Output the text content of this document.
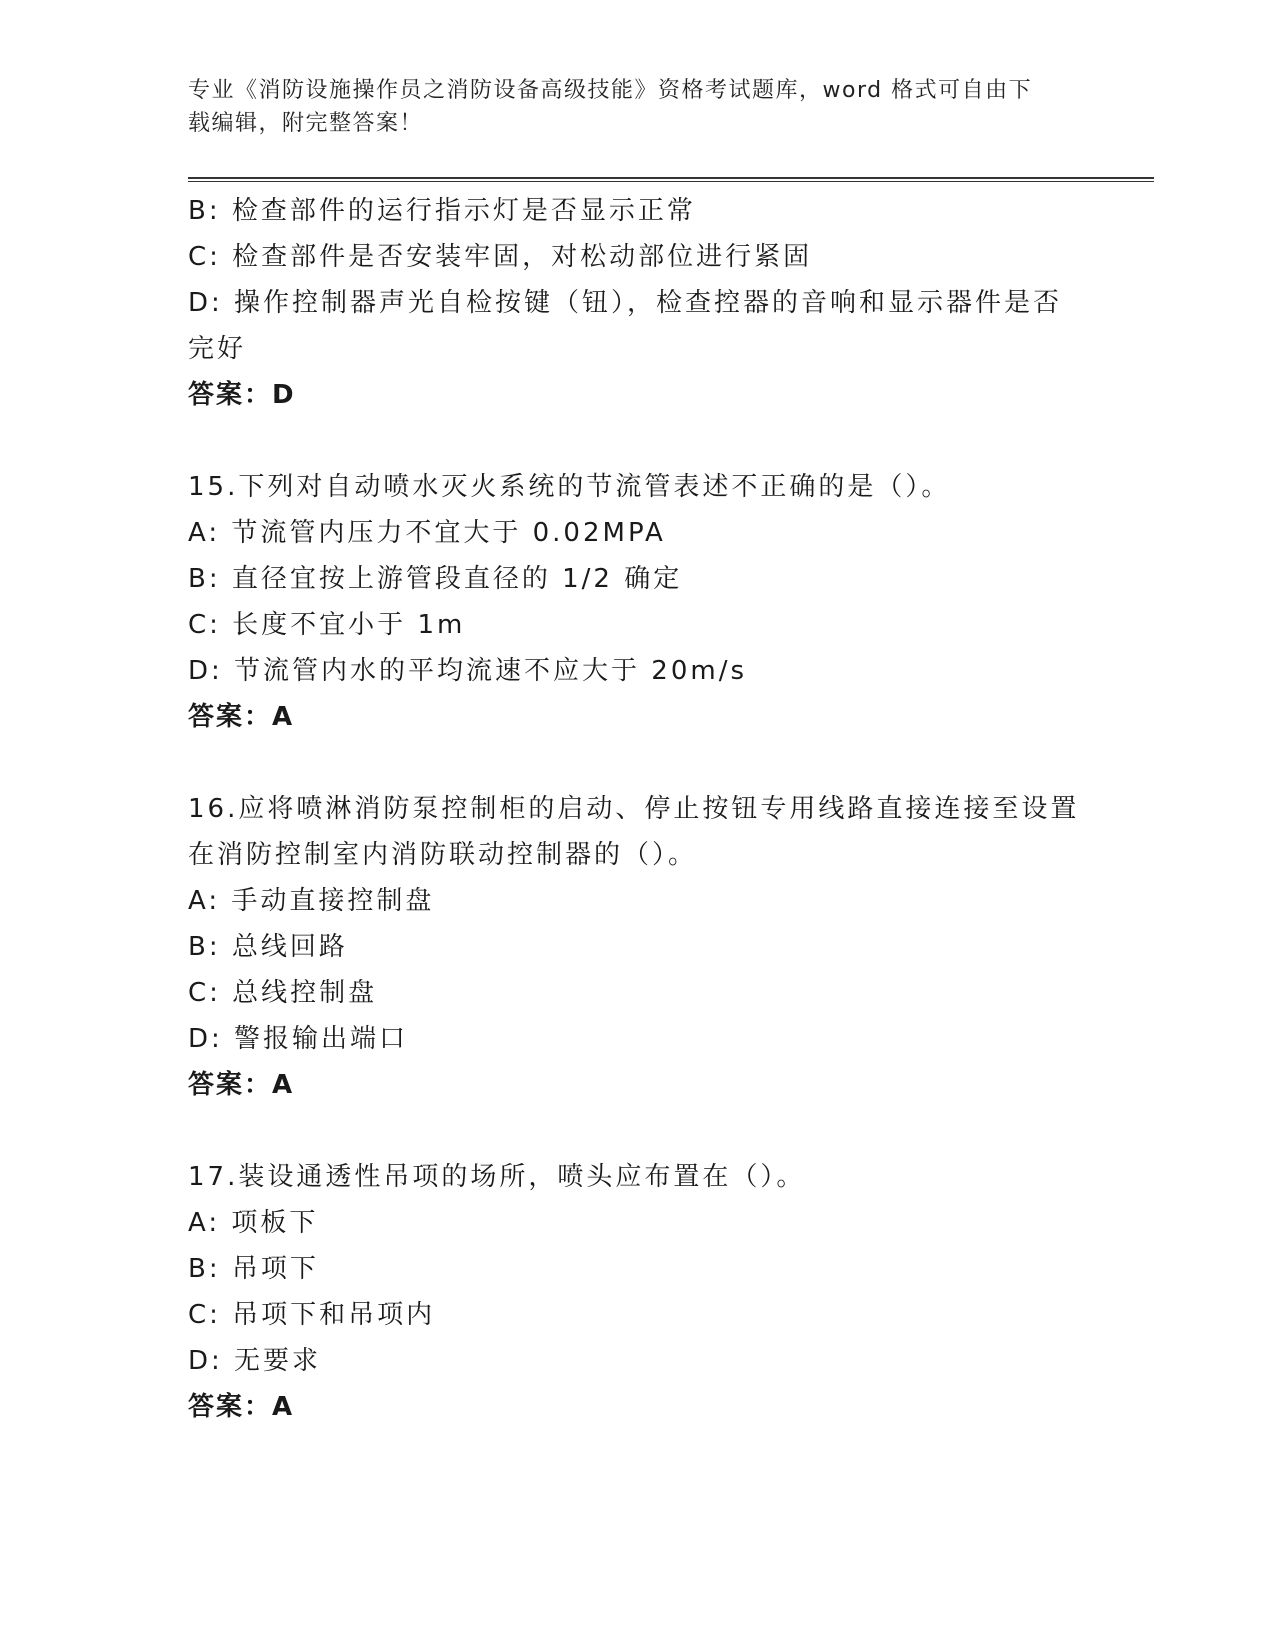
专业《消防设施操作员之消防设备高级技能》资格考试题库，word 格式可自由下
载编辑，附完整答案！
B: 检查部件的运行指示灯是否显示正常
C: 检查部件是否安装牢固，对松动部位进行紧固
D: 操作控制器声光自检按键（钮），检查控器的音响和显示器件是否
完好
答案：D
15.下列对自动喷水灭火系统的节流管表述不正确的是（）。
A: 节流管内压力不宜大于 0.02MPA
B: 直径宜按上游管段直径的 1/2 确定
C: 长度不宜小于 1m
D: 节流管内水的平均流速不应大于 20m/s
答案：A
16.应将喷淋消防泵控制柜的启动、停止按钮专用线路直接连接至设置
在消防控制室内消防联动控制器的（）。
A: 手动直接控制盘
B: 总线回路
C: 总线控制盘
D: 警报输出端口
答案：A
17.装设通透性吊项的场所，喷头应布置在（）。
A: 项板下
B: 吊项下
C: 吊项下和吊项内
D: 无要求
答案：A
